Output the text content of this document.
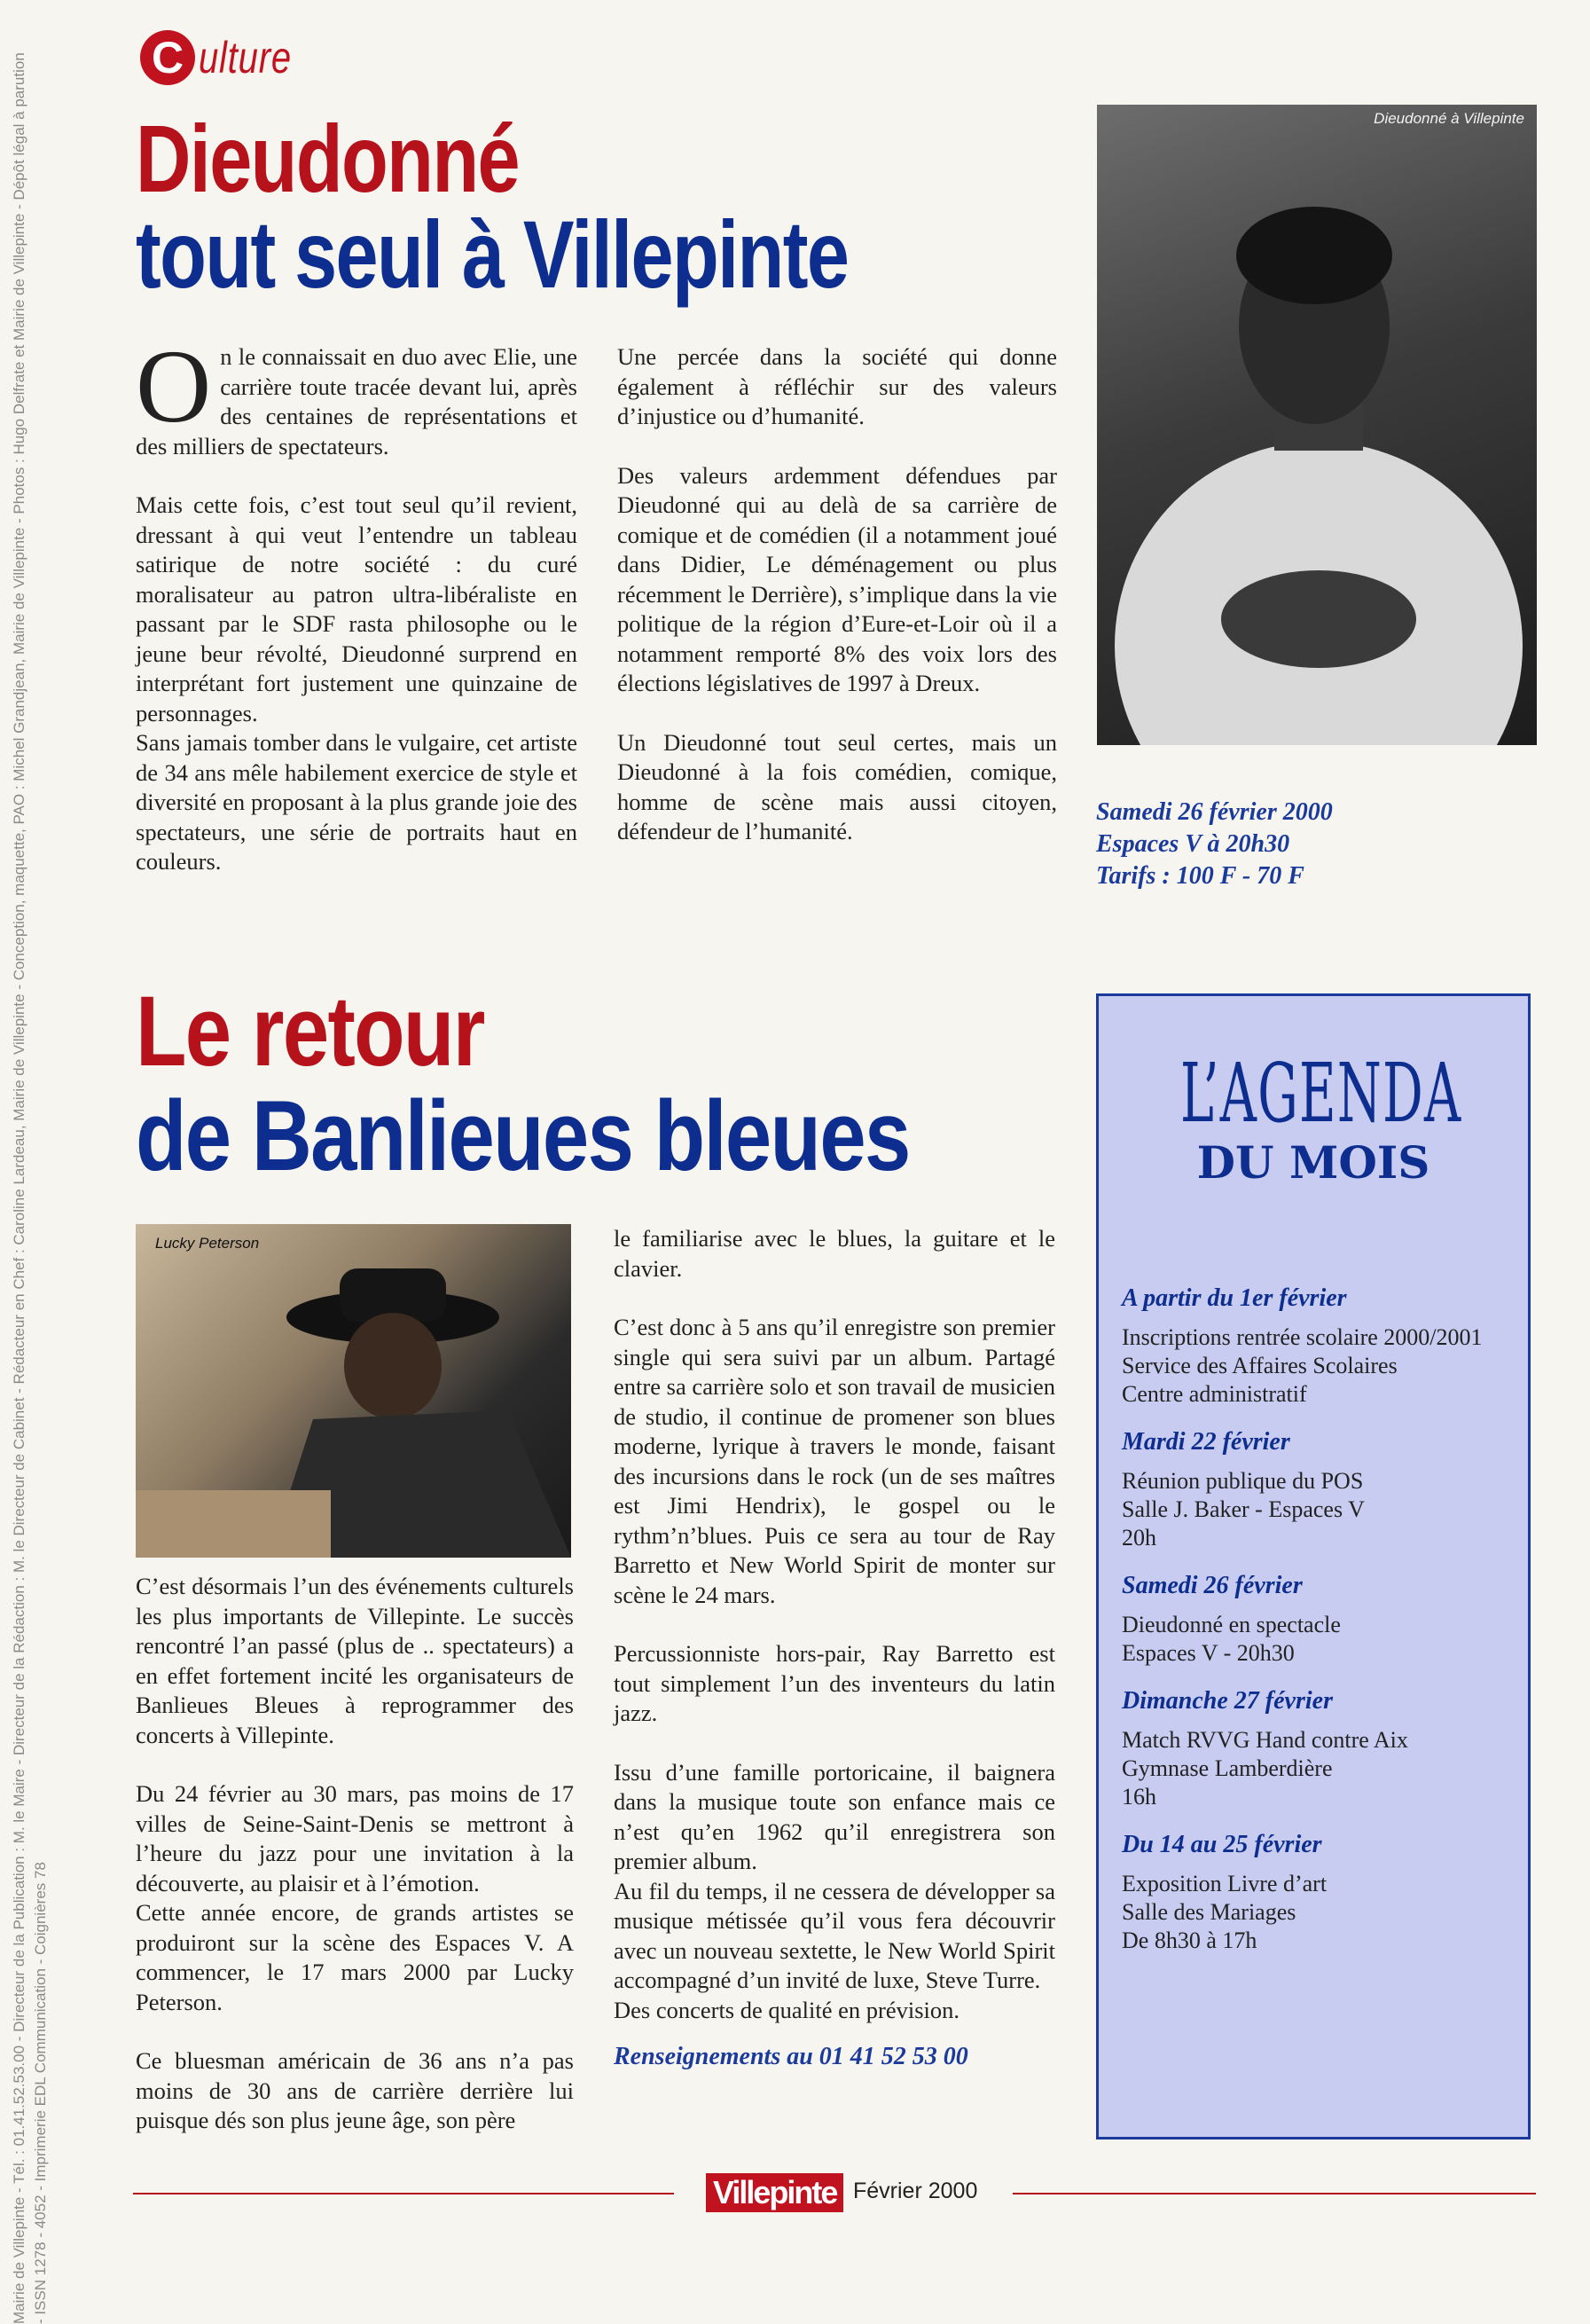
Mairie de Villepinte - Tél. : 01.41.52.53.00 - Directeur de la Publication : M. le Maire - Directeur de la Rédaction : M. le Directeur de Cabinet - Rédacteur en Chef : Caroline Lardeau, Mairie de Villepinte - Conception, maquette, PAO : Michel Grandjean, Mairie de Villepinte - Photos : Hugo Delfrate et Mairie de Villepinte - Dépôt légal à parution - ISSN 1278 - 4052 - Imprimerie EDL Communication - Coignières 78
C ulture
Dieudonné
tout seul à Villepinte

On le connaissait en duo avec Elie, une carrière toute tracée devant lui, après des centaines de représentations et des milliers de spectateurs.

Mais cette fois, c’est tout seul qu’il revient, dressant à qui veut l’entendre un tableau satirique de notre société : du curé moralisateur au patron ultra-libéraliste en passant par le SDF rasta philosophe ou le jeune beur révolté, Dieudonné surprend en interprétant fort justement une quinzaine de personnages.

Sans jamais tomber dans le vulgaire, cet artiste de 34 ans mêle habilement exercice de style et diversité en proposant à la plus grande joie des spectateurs, une série de portraits haut en couleurs.

Une percée dans la société qui donne également à réfléchir sur des valeurs d’injustice ou d’humanité.

Des valeurs ardemment défendues par Dieudonné qui au delà de sa carrière de comique et de comédien (il a notamment joué dans Didier, Le déménagement ou plus récemment le Derrière), s’implique dans la vie politique de la région d’Eure-et-Loir où il a notamment remporté 8% des voix lors des élections législatives de 1997 à Dreux.

Un Dieudonné tout seul certes, mais un Dieudonné à la fois comédien, comique, homme de scène mais aussi citoyen, défendeur de l’humanité.

Dieudonné à Villepinte
Samedi 26 février 2000
Espaces V à 20h30
Tarifs : 100 F - 70 F
Le retour
de Banlieues bleues
Lucky Peterson

C’est désormais l’un des événements culturels les plus importants de Villepinte. Le succès rencontré l’an passé (plus de .. spectateurs) a en effet fortement incité les organisateurs de Banlieues Bleues à reprogrammer des concerts à Villepinte.

Du 24 février au 30 mars, pas moins de 17 villes de Seine-Saint-Denis se mettront à l’heure du jazz pour une invitation à la découverte, au plaisir et à l’émotion.

Cette année encore, de grands artistes se produiront sur la scène des Espaces V. A commencer, le 17 mars 2000 par Lucky Peterson.

Ce bluesman américain de 36 ans n’a pas moins de 30 ans de carrière derrière lui puisque dés son plus jeune âge, son père

le familiarise avec le blues, la guitare et le clavier.

C’est donc à 5 ans qu’il enregistre son premier single qui sera suivi par un album. Partagé entre sa carrière solo et son travail de musicien de studio, il continue de promener son blues moderne, lyrique à travers le monde, faisant des incursions dans le rock (un de ses maîtres est Jimi Hendrix), le gospel ou le rythm’n’blues. Puis ce sera au tour de Ray Barretto et New World Spirit de monter sur scène le 24 mars.

Percussionniste hors-pair, Ray Barretto est tout simplement l’un des inventeurs du latin jazz.

Issu d’une famille portoricaine, il baignera dans la musique toute son enfance mais ce n’est qu’en 1962 qu’il enregistrera son premier album.

Au fil du temps, il ne cessera de développer sa musique métissée qu’il vous fera découvrir avec un nouveau sextette, le New World Spirit accompagné d’un invité de luxe, Steve Turre.

Des concerts de qualité en prévision.

Renseignements au 01 41 52 53 00
L’AGENDA
DU MOIS
A partir du 1er février
Inscriptions rentrée scolaire 2000/2001
Service des Affaires Scolaires
Centre administratif
Mardi 22 février
Réunion publique du POS
Salle J. Baker - Espaces V
20h
Samedi 26 février
Dieudonné en spectacle
Espaces V - 20h30
Dimanche 27 février
Match RVVG Hand contre Aix
Gymnase Lamberdière
16h
Du 14 au 25 février
Exposition Livre d’art
Salle des Mariages
De 8h30 à 17h
Villepinte Février 2000
